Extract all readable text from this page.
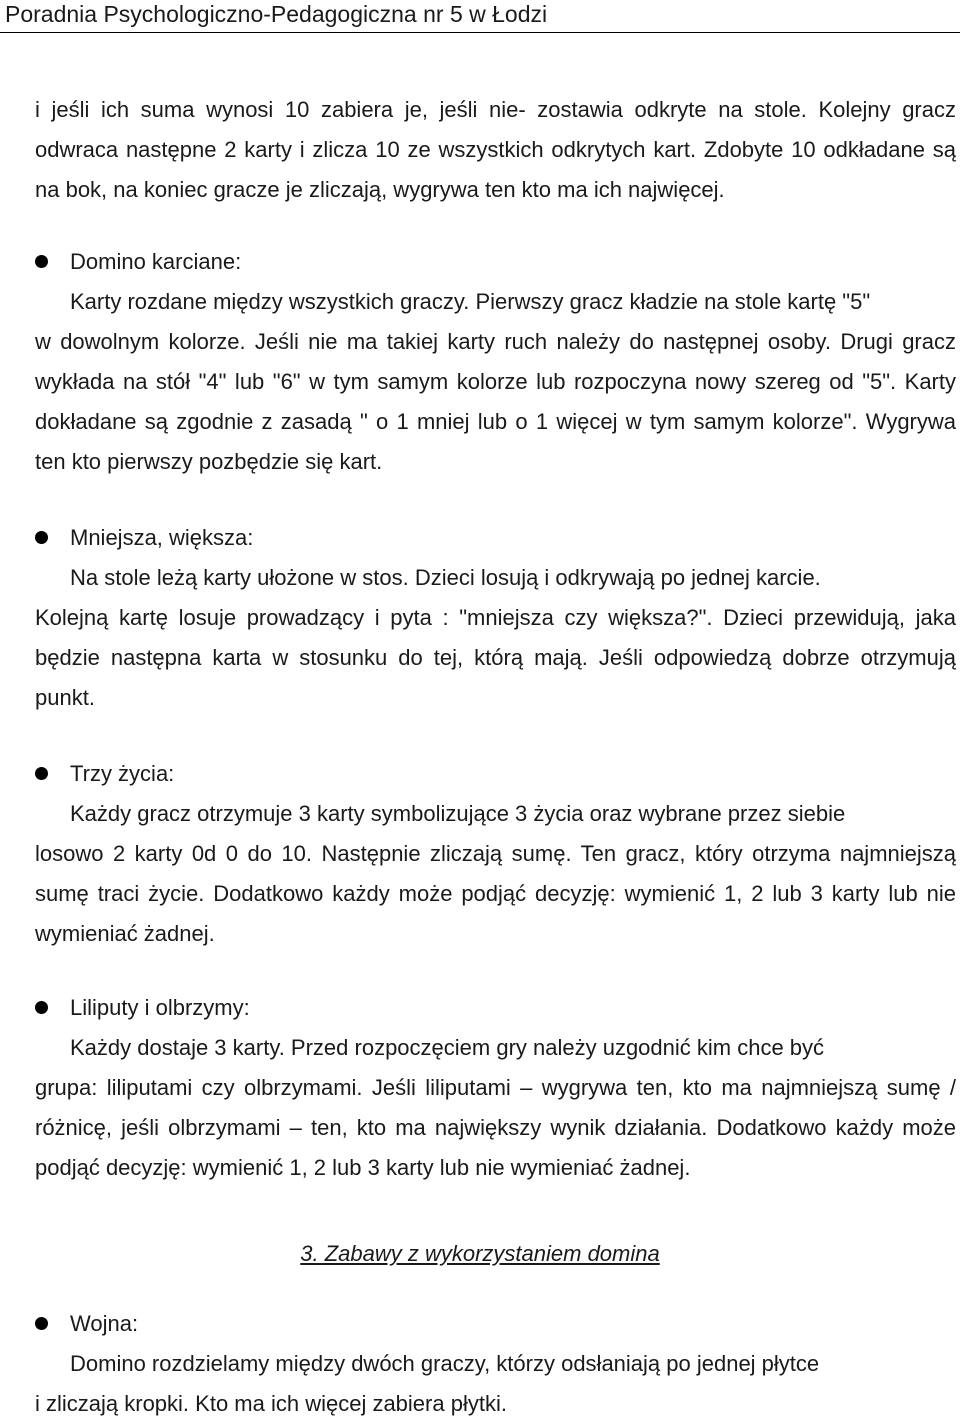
Poradnia Psychologiczno-Pedagogiczna nr 5 w Łodzi
i jeśli ich suma wynosi 10 zabiera je, jeśli nie- zostawia odkryte na stole. Kolejny gracz odwraca następne 2 karty i zlicza 10 ze wszystkich odkrytych kart. Zdobyte 10 odkładane są na bok, na koniec gracze je zliczają, wygrywa ten kto ma ich najwięcej.
Domino karciane:
Karty rozdane między wszystkich graczy. Pierwszy gracz kładzie na stole kartę "5"
w dowolnym kolorze. Jeśli nie ma takiej karty ruch należy do następnej osoby. Drugi gracz wykłada na stół "4" lub "6" w tym samym kolorze lub rozpoczyna nowy szereg od "5". Karty dokładane są zgodnie z zasadą " o 1 mniej lub o 1 więcej w tym samym kolorze". Wygrywa ten kto pierwszy pozbędzie się kart.
Mniejsza, większa:
Na stole leżą karty ułożone w stos. Dzieci losują i odkrywają po jednej karcie.
Kolejną kartę losuje prowadzący i pyta : "mniejsza czy większa?". Dzieci przewidują, jaka będzie następna karta w stosunku do tej, którą mają. Jeśli odpowiedzą dobrze otrzymują punkt.
Trzy życia:
Każdy gracz otrzymuje 3 karty symbolizujące 3 życia oraz wybrane przez siebie
losowo 2 karty 0d 0 do 10. Następnie zliczają sumę. Ten gracz, który otrzyma najmniejszą sumę traci życie. Dodatkowo każdy może podjąć decyzję: wymienić 1, 2 lub 3 karty lub nie wymieniać żadnej.
Liliputy i olbrzymy:
Każdy dostaje 3 karty. Przed rozpoczęciem gry należy uzgodnić kim chce być
grupa: liliputami czy olbrzymami. Jeśli liliputami – wygrywa ten, kto ma najmniejszą sumę / różnicę, jeśli olbrzymami – ten, kto ma największy wynik działania. Dodatkowo każdy może podjąć decyzję: wymienić 1, 2 lub 3 karty lub nie wymieniać żadnej.
3. Zabawy z wykorzystaniem domina
Wojna:
Domino rozdzielamy między dwóch graczy, którzy odsłaniają po jednej płytce
i zliczają kropki. Kto ma ich więcej zabiera płytki.
